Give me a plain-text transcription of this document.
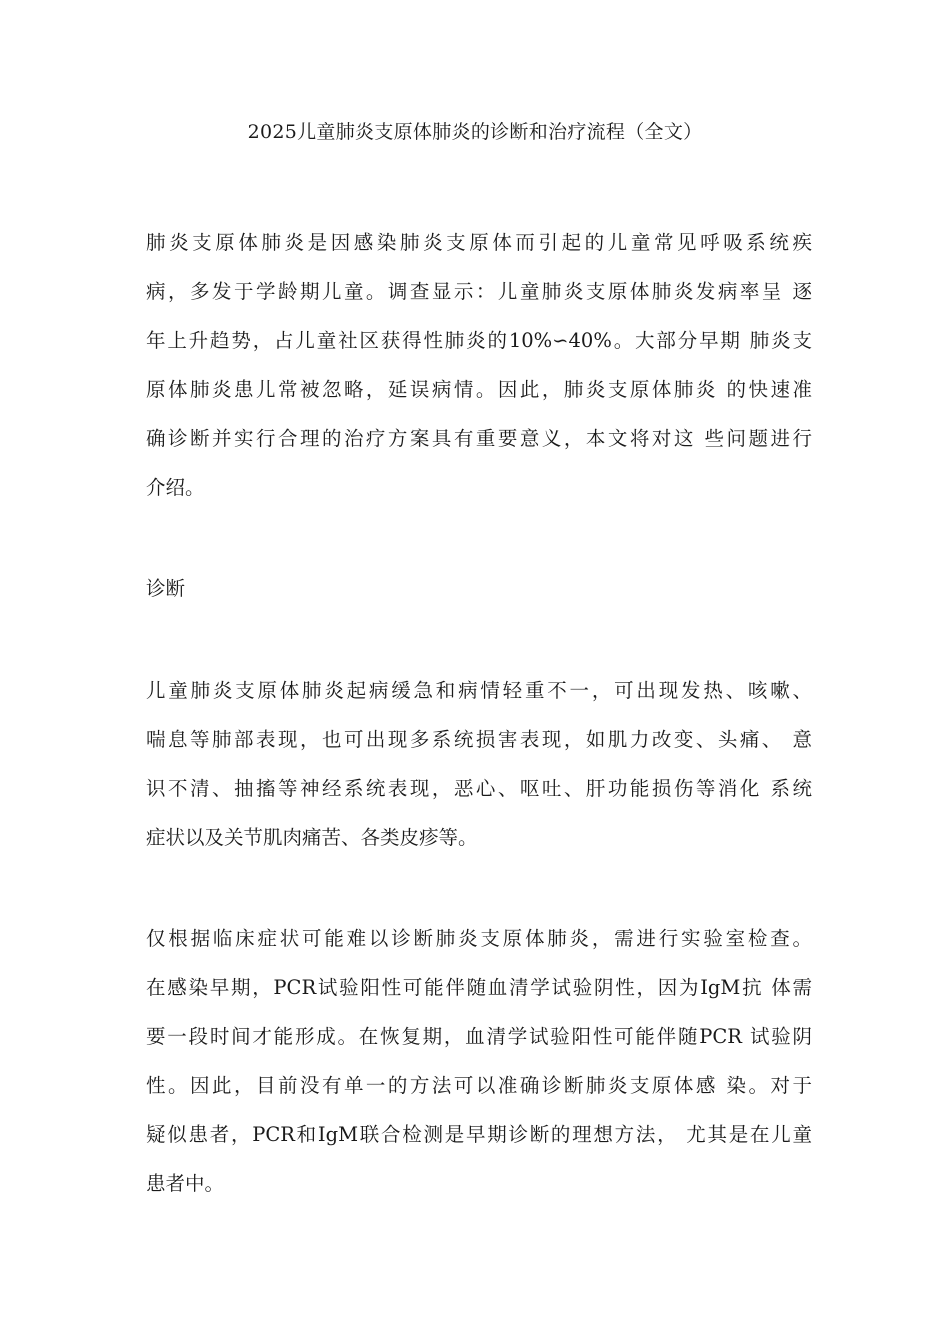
2025儿童肺炎支原体肺炎的诊断和治疗流程（全文）
肺炎支原体肺炎是因感染肺炎支原体而引起的儿童常见呼吸系统疾
病，多发于学龄期儿童。调查显示：儿童肺炎支原体肺炎发病率呈 逐
年上升趋势，占儿童社区获得性肺炎的10%∽40%。大部分早期 肺炎支
原体肺炎患儿常被忽略，延误病情。因此，肺炎支原体肺炎 的快速准
确诊断并实行合理的治疗方案具有重要意义，本文将对这 些问题进行
介绍。
诊断
儿童肺炎支原体肺炎起病缓急和病情轻重不一，可出现发热、咳嗽、
喘息等肺部表现，也可出现多系统损害表现，如肌力改变、头痛、 意
识不清、抽搐等神经系统表现，恶心、呕吐、肝功能损伤等消化 系统
症状以及关节肌肉痛苦、各类皮疹等。
仅根据临床症状可能难以诊断肺炎支原体肺炎，需进行实验室检查。
在感染早期，PCR试验阳性可能伴随血清学试验阴性，因为IgM抗 体需
要一段时间才能形成。在恢复期，血清学试验阳性可能伴随PCR 试验阴
性。因此，目前没有单一的方法可以准确诊断肺炎支原体感 染。对于
疑似患者，PCR和IgM联合检测是早期诊断的理想方法， 尤其是在儿童
患者中。
